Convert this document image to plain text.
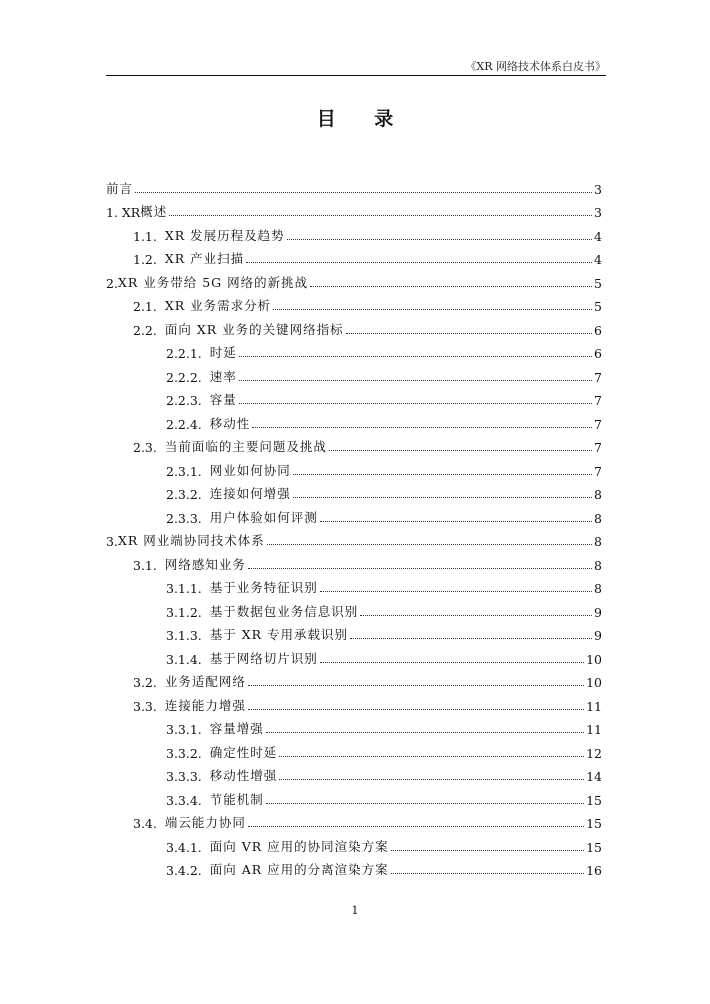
《XR 网络技术体系白皮书》
目 录
前言	3
1. XR 概述	3
1.1. XR 发展历程及趋势	4
1.2. XR 产业扫描	4
2. XR 业务带给 5G 网络的新挑战	5
2.1. XR 业务需求分析	5
2.2. 面向 XR 业务的关键网络指标	6
2.2.1. 时延	6
2.2.2. 速率	7
2.2.3. 容量	7
2.2.4. 移动性	7
2.3. 当前面临的主要问题及挑战	7
2.3.1. 网业如何协同	7
2.3.2. 连接如何增强	8
2.3.3. 用户体验如何评测	8
3. XR 网业端协同技术体系	8
3.1. 网络感知业务	8
3.1.1. 基于业务特征识别	8
3.1.2. 基于数据包业务信息识别	9
3.1.3. 基于 XR 专用承载识别	9
3.1.4. 基于网络切片识别	10
3.2. 业务适配网络	10
3.3. 连接能力增强	11
3.3.1. 容量增强	11
3.3.2. 确定性时延	12
3.3.3. 移动性增强	14
3.3.4. 节能机制	15
3.4. 端云能力协同	15
3.4.1. 面向 VR 应用的协同渲染方案	15
3.4.2. 面向 AR 应用的分离渲染方案	16
1
